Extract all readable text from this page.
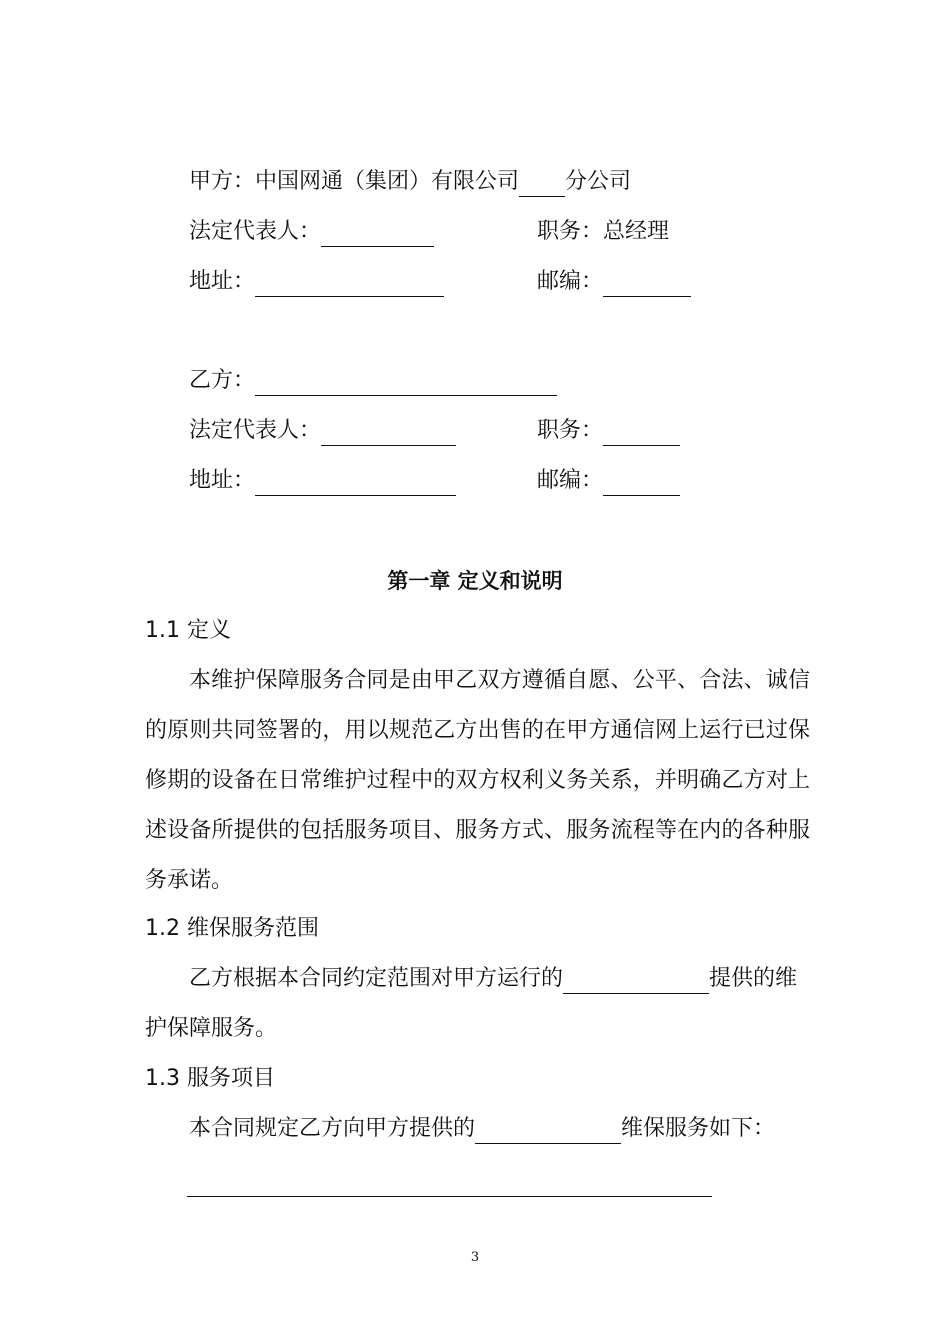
甲方：中国网通（集团）有限公司 分公司
法定代表人：	职务：总经理
地址：	邮编：
乙方：
法定代表人：	职务：
地址：	邮编：
第一章 定义和说明
1.1 定义
本维护保障服务合同是由甲乙双方遵循自愿、公平、合法、诚信的原则共同签署的，用以规范乙方出售的在甲方通信网上运行已过保修期的设备在日常维护过程中的双方权利义务关系，并明确乙方对上述设备所提供的包括服务项目、服务方式、服务流程等在内的各种服务承诺。
1.2 维保服务范围
乙方根据本合同约定范围对甲方运行的	提供的维
护保障服务。
1.3 服务项目
本合同规定乙方向甲方提供的	维保服务如下：
3
